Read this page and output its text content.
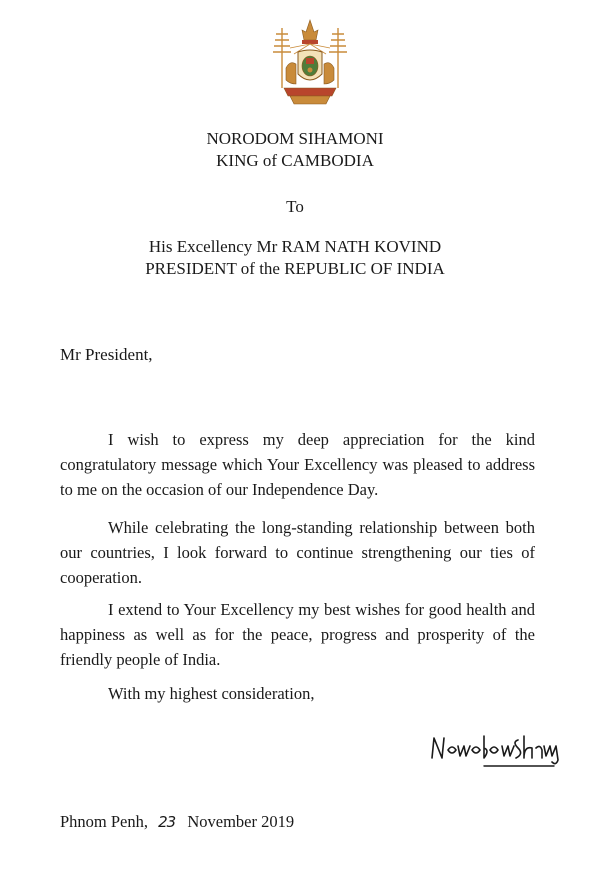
NORODOM SIHAMONI
KING of CAMBODIA
To
His Excellency Mr RAM NATH KOVIND
PRESIDENT of the REPUBLIC OF INDIA

Mr President,

I wish to express my deep appreciation for the kind congratulatory message which Your Excellency was pleased to address to me on the occasion of our Independence Day.

While celebrating the long-standing relationship between both our countries, I look forward to continue strengthening our ties of cooperation.

I extend to Your Excellency my best wishes for good health and happiness as well as for the peace, progress and prosperity of the friendly people of India.

With my highest consideration,

Phnom Penh, 23 November 2019
